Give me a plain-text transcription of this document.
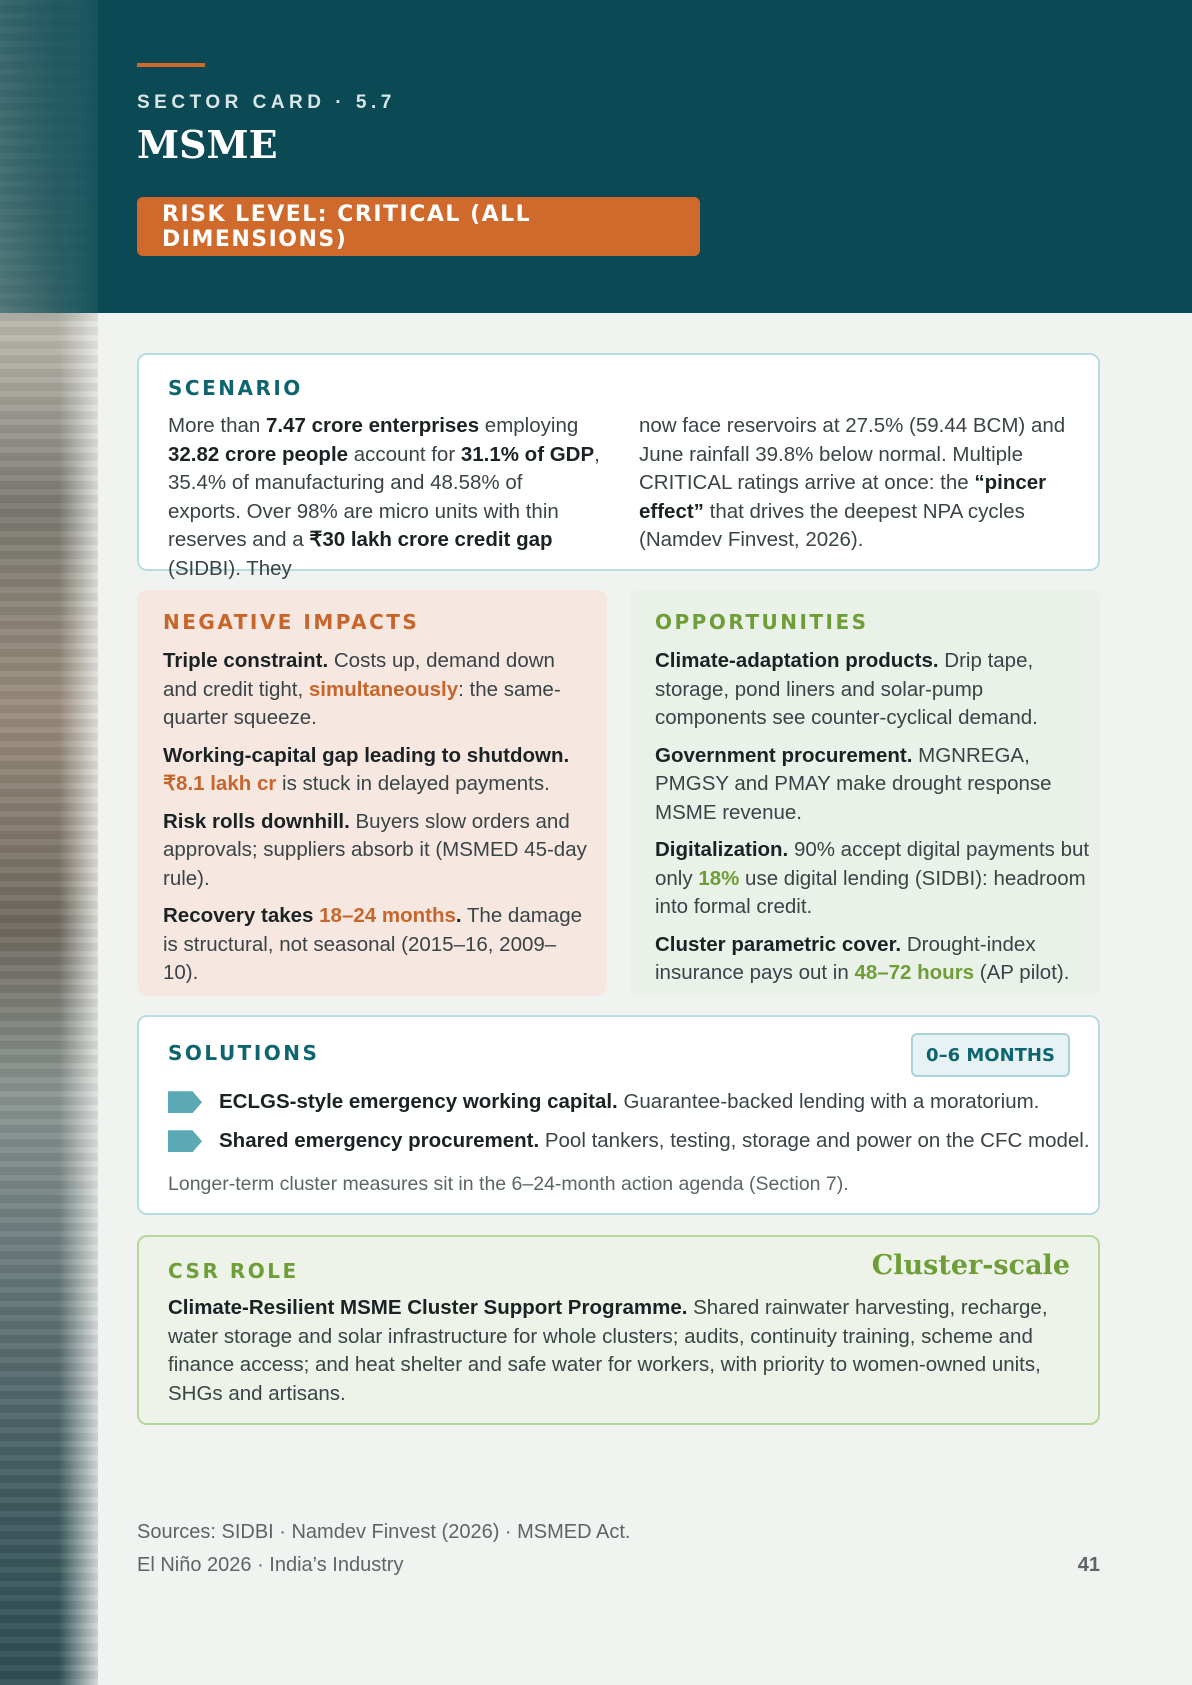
SECTOR CARD · 5.7
MSME
RISK LEVEL: CRITICAL (ALL DIMENSIONS)
SCENARIO
More than 7.47 crore enterprises employing 32.82 crore people account for 31.1% of GDP, 35.4% of manufacturing and 48.58% of exports. Over 98% are micro units with thin reserves and a ₹30 lakh crore credit gap (SIDBI). They
now face reservoirs at 27.5% (59.44 BCM) and June rainfall 39.8% below normal. Multiple CRITICAL ratings arrive at once: the “pincer effect” that drives the deepest NPA cycles (Namdev Finvest, 2026).
NEGATIVE IMPACTS
Triple constraint. Costs up, demand down and credit tight, simultaneously: the same-quarter squeeze.
Working-capital gap leading to shutdown.
₹8.1 lakh cr is stuck in delayed payments.
Risk rolls downhill. Buyers slow orders and approvals; suppliers absorb it (MSMED 45-day rule).
Recovery takes 18–24 months. The damage is structural, not seasonal (2015–16, 2009–10).
OPPORTUNITIES
Climate-adaptation products. Drip tape, storage, pond liners and solar-pump components see counter-cyclical demand.
Government procurement. MGNREGA, PMGSY and PMAY make drought response MSME revenue.
Digitalization. 90% accept digital payments but only 18% use digital lending (SIDBI): headroom into formal credit.
Cluster parametric cover. Drought-index insurance pays out in 48–72 hours (AP pilot).
SOLUTIONS	0–6 MONTHS
ECLGS-style emergency working capital. Guarantee-backed lending with a moratorium.
Shared emergency procurement. Pool tankers, testing, storage and power on the CFC model.
Longer-term cluster measures sit in the 6–24-month action agenda (Section 7).
CSR ROLE	Cluster-scale
Climate-Resilient MSME Cluster Support Programme. Shared rainwater harvesting, recharge, water storage and solar infrastructure for whole clusters; audits, continuity training, scheme and finance access; and heat shelter and safe water for workers, with priority to women-owned units, SHGs and artisans.
Sources: SIDBI · Namdev Finvest (2026) · MSMED Act.
El Niño 2026 · India’s Industry	41
